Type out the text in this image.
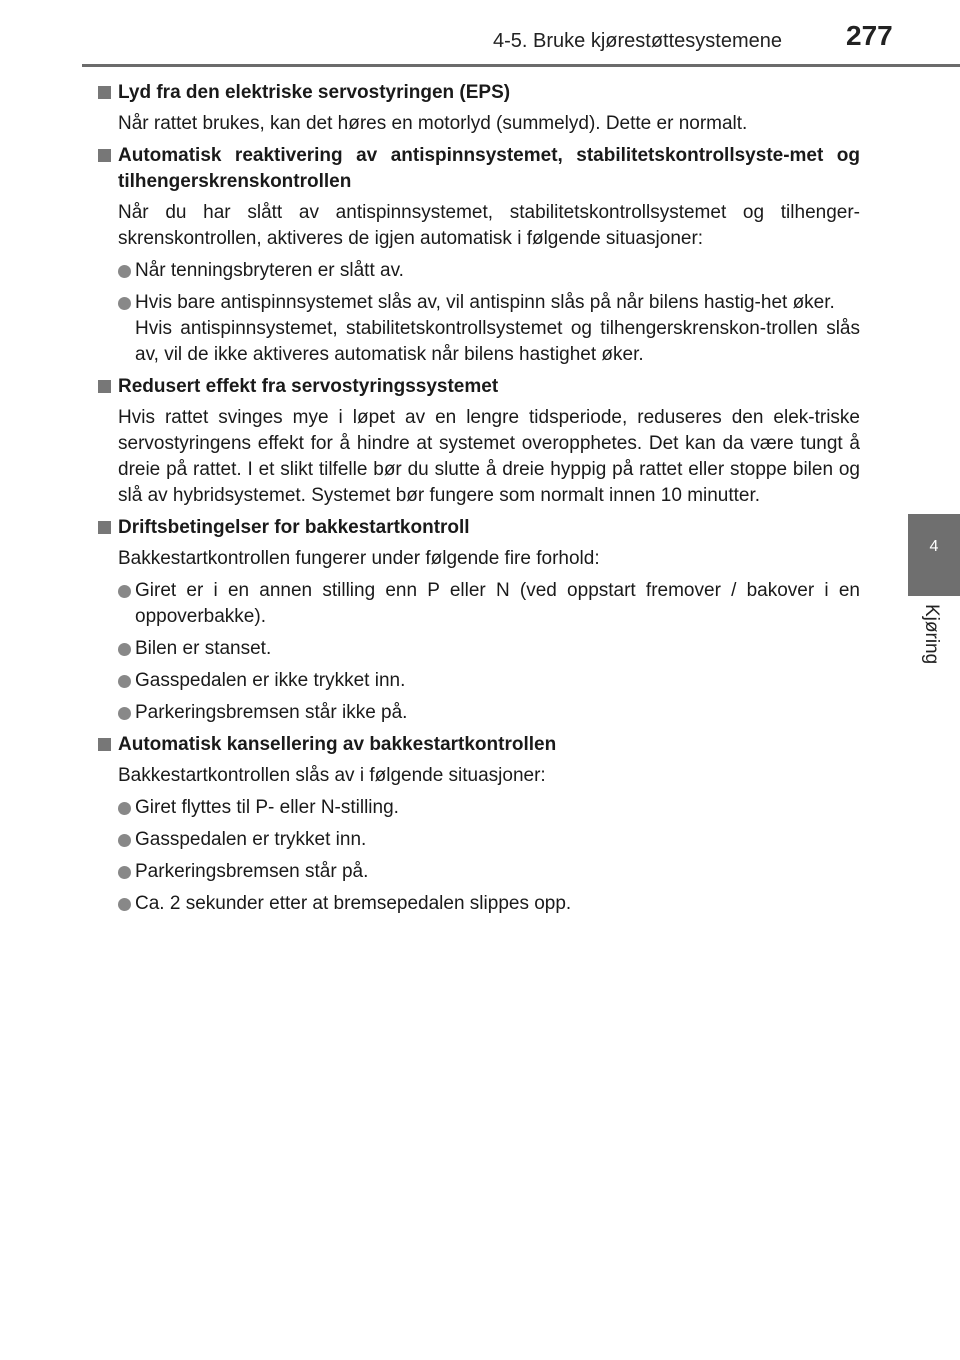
4-5. Bruke kjørestøttesystemene 277
4
Kjøring
Lyd fra den elektriske servostyringen (EPS)
Når rattet brukes, kan det høres en motorlyd (summelyd). Dette er normalt.
Automatisk reaktivering av antispinnsystemet, stabilitetskontrollsyste-met og tilhengerskrenskontrollen
Når du har slått av antispinnsystemet, stabilitetskontrollsystemet og tilhenger-skrenskontrollen, aktiveres de igjen automatisk i følgende situasjoner:
Når tenningsbryteren er slått av.
Hvis bare antispinnsystemet slås av, vil antispinn slås på når bilens hastig-het øker.
Hvis antispinnsystemet, stabilitetskontrollsystemet og tilhengerskrenskon-trollen slås av, vil de ikke aktiveres automatisk når bilens hastighet øker.
Redusert effekt fra servostyringssystemet
Hvis rattet svinges mye i løpet av en lengre tidsperiode, reduseres den elek-triske servostyringens effekt for å hindre at systemet overopphetes. Det kan da være tungt å dreie på rattet. I et slikt tilfelle bør du slutte å dreie hyppig på rattet eller stoppe bilen og slå av hybridsystemet. Systemet bør fungere som normalt innen 10 minutter.
Driftsbetingelser for bakkestartkontroll
Bakkestartkontrollen fungerer under følgende fire forhold:
Giret er i en annen stilling enn P eller N (ved oppstart fremover / bakover i en oppoverbakke).
Bilen er stanset.
Gasspedalen er ikke trykket inn.
Parkeringsbremsen står ikke på.
Automatisk kansellering av bakkestartkontrollen
Bakkestartkontrollen slås av i følgende situasjoner:
Giret flyttes til P- eller N-stilling.
Gasspedalen er trykket inn.
Parkeringsbremsen står på.
Ca. 2 sekunder etter at bremsepedalen slippes opp.
